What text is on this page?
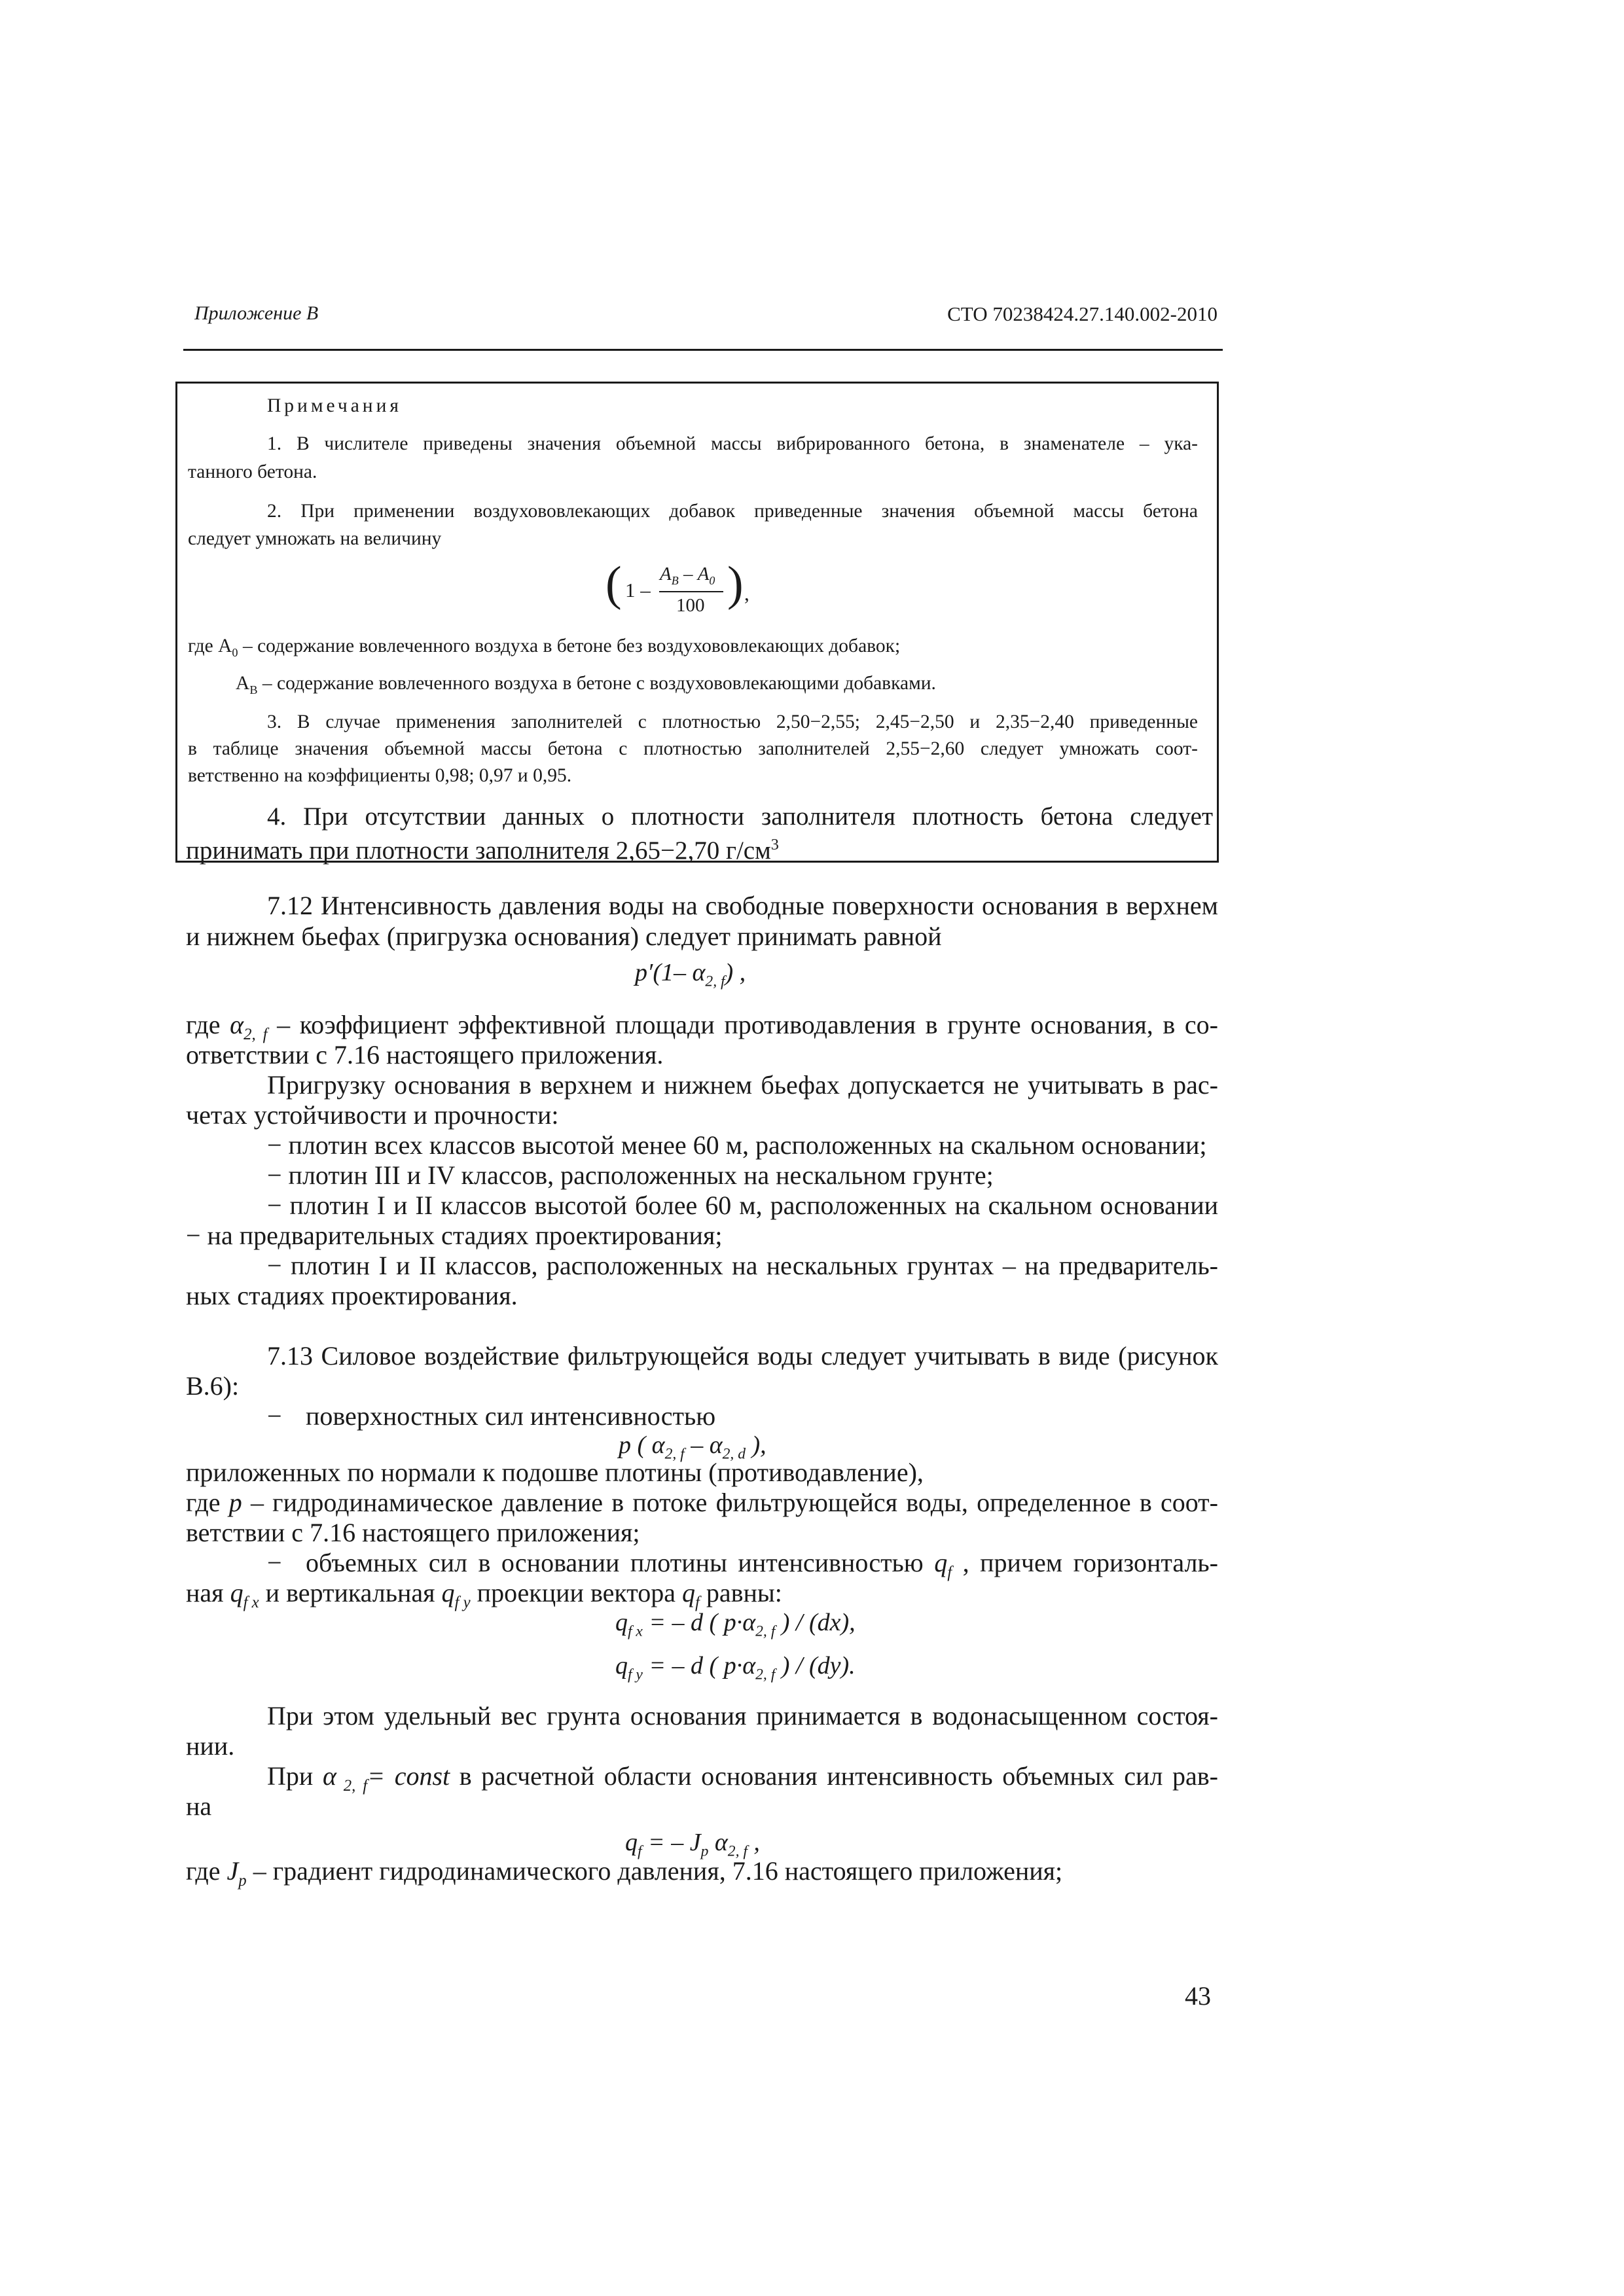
Приложение В	СТО 70238424.27.140.002-2010
Примечания
1. В числителе приведены значения объемной массы вибрированного бетона, в знаменателе – ука-
танного бетона.
2. При применении воздухововлекающих добавок приведенные значения объемной массы бетона
следует умножать на величину
( 1 –
$A_В - A_0$
100 ) ,
где $A_0$ – содержание вовлеченного воздуха в бетоне без воздухововлекающих добавок;
$A_B$ – содержание вовлеченного воздуха в бетоне с воздухововлекающими добавками.
3. В случае применения заполнителей с плотностью 2,50−2,55; 2,45−2,50 и 2,35−2,40 приведенные
в таблице значения объемной массы бетона с плотностью заполнителей 2,55−2,60 следует умножать соот-
ветственно на коэффициенты 0,98; 0,97 и 0,95.
4. При отсутствии данных о плотности заполнителя плотность бетона следует
принимать при плотности заполнителя 2,65−2,70 $г/см^3$
7.12 Интенсивность давления воды на свободные поверхности основания в верхнем
и нижнем бьефах (пригрузка основания) следует принимать равной
p′(1– $\alpha_{2, f}$) ,
где $\alpha_{2, f}$ – коэффициент эффективной площади противодавления в грунте основания, в со-
ответствии с 7.16 настоящего приложения.
Пригрузку основания в верхнем и нижнем бьефах допускается не учитывать в рас-
четах устойчивости и прочности:
− плотин всех классов высотой менее 60 м, расположенных на скальном основании;
− плотин III и IV классов, расположенных на нескальном грунте;
− плотин I и II классов высотой более 60 м, расположенных на скальном основании
− на предварительных стадиях проектирования;
− плотин I и II классов, расположенных на нескальных грунтах – на предваритель-
ных стадиях проектирования.
7.13 Силовое воздействие фильтрующейся воды следует учитывать в виде (рисунок
В.6):
− поверхностных сил интенсивностью
p ( $\alpha_{2, f} - \alpha_{2, d}$ ),
приложенных по нормали к подошве плотины (противодавление),
где p – гидродинамическое давление в потоке фильтрующейся воды, определенное в соот-
ветствии с 7.16 настоящего приложения;
− объемных сил в основании плотины интенсивностью $q_f$ , причем горизонталь-
ная $q_{f x}$ и вертикальная $q_{f y}$ проекции вектора $q_f$ равны:
$q_{f x}$ = – d ( $p\cdot\alpha_{2, f}$ ) / (dx),
$q_{f y}$ = – d ( $p\cdot\alpha_{2, f}$ ) / (dy).
При этом удельный вес грунта основания принимается в водонасыщенном состоя-
нии.
При α $_{2, f}$= const в расчетной области основания интенсивность объемных сил рав-
на
$q_f$ = – $J_p$ $\alpha_{2, f}$ ,
где $J_p$ – градиент гидродинамического давления, 7.16 настоящего приложения;
43
